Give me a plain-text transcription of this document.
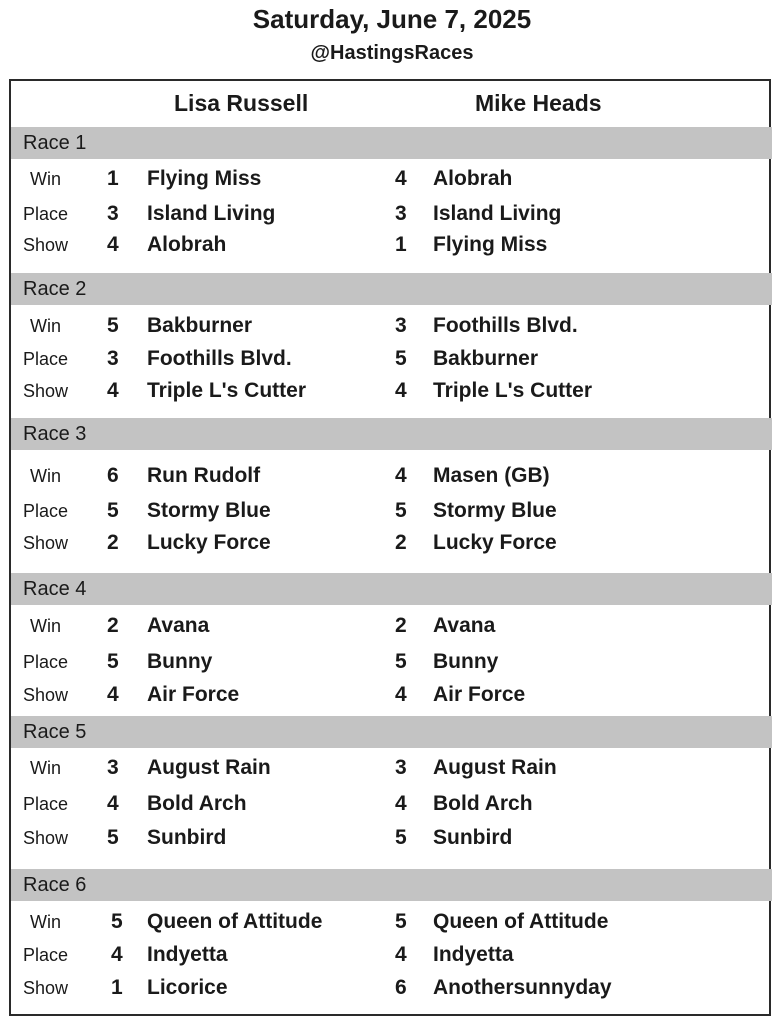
Saturday, June 7, 2025
@HastingsRaces
Lisa Russell	Mike Heads
Race 1
Win 1 Flying Miss	4 Alobrah
Place 3 Island Living	3 Island Living
Show 4 Alobrah	1 Flying Miss
Race 2
Win 5 Bakburner	3 Foothills Blvd.
Place 3 Foothills Blvd.	5 Bakburner
Show 4 Triple L's Cutter	4 Triple L's Cutter
Race 3
Win 6 Run Rudolf	4 Masen (GB)
Place 5 Stormy Blue	5 Stormy Blue
Show 2 Lucky Force	2 Lucky Force
Race 4
Win 2 Avana	2 Avana
Place 5 Bunny	5 Bunny
Show 4 Air Force	4 Air Force
Race 5
Win 3 August Rain	3 August Rain
Place 4 Bold Arch	4 Bold Arch
Show 5 Sunbird	5 Sunbird
Race 6
Win 5 Queen of Attitude	5 Queen of Attitude
Place 4 Indyetta	4 Indyetta
Show 1 Licorice	6 Anothersunnyday
